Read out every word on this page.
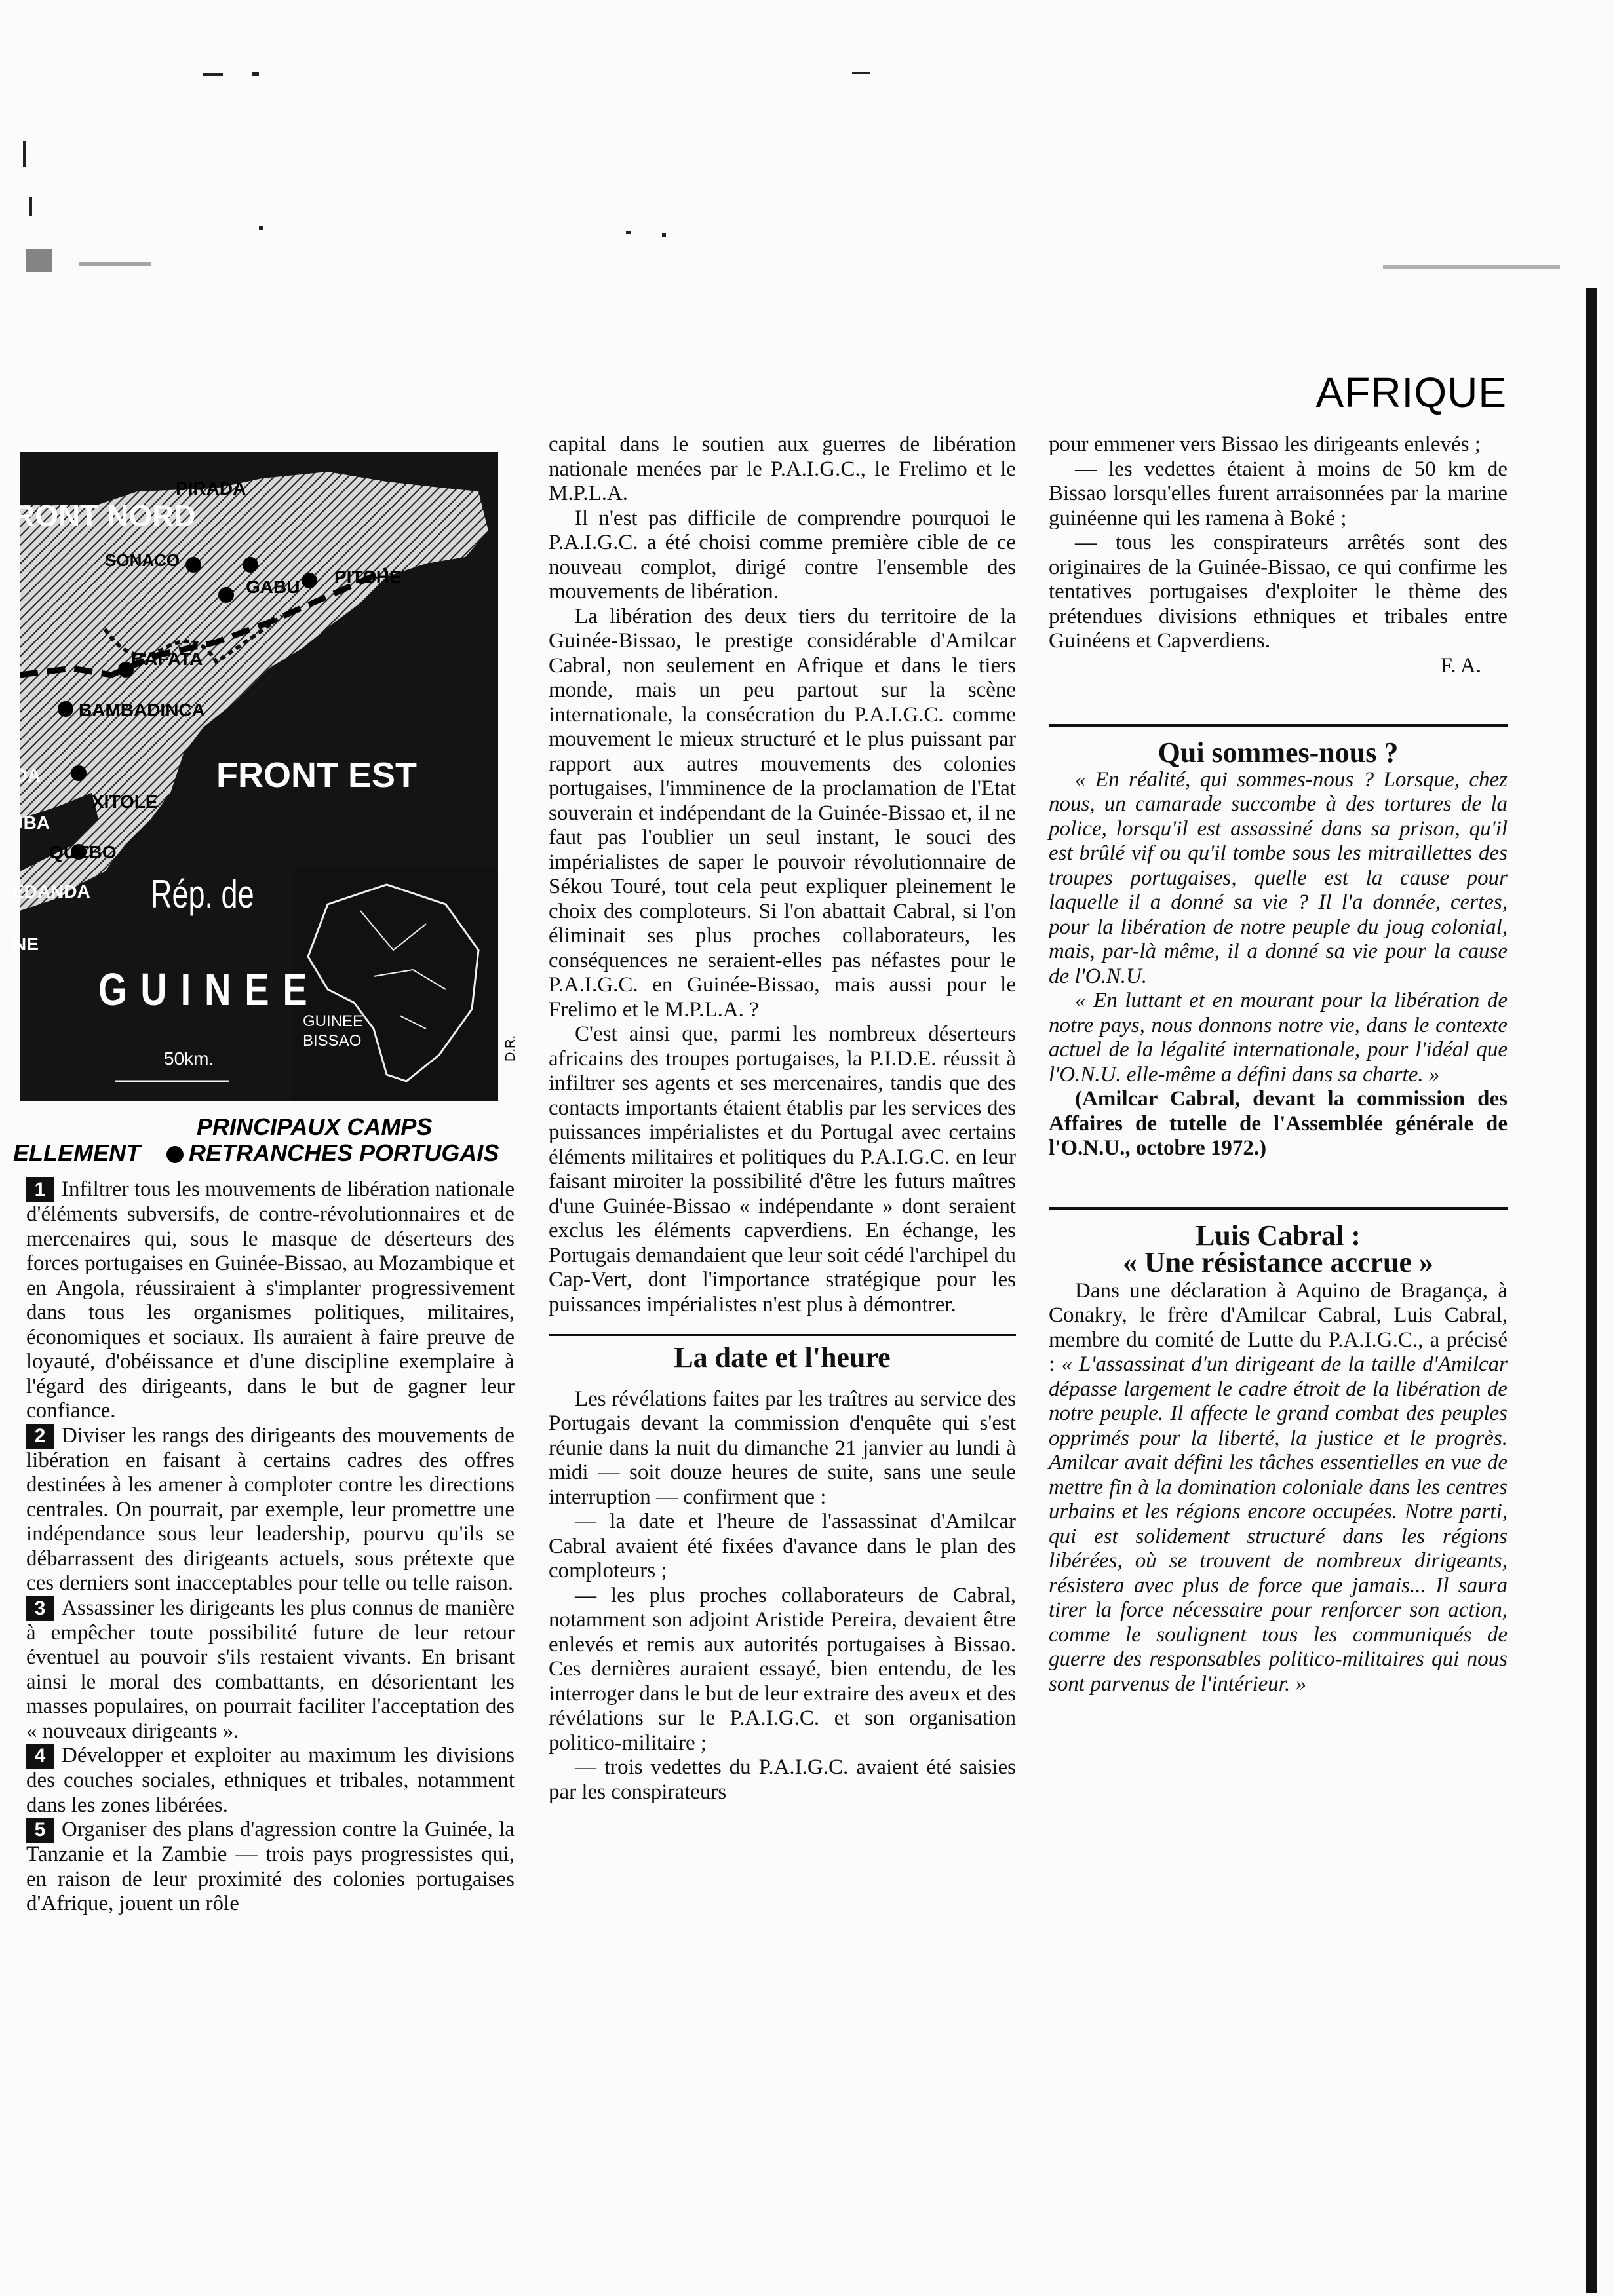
AFRIQUE
RONT NORD
PIRADA
SONACO
PITCHE
GABU
BAFATA
BAMBADINCA
FRONT EST
OA
XITOLE
JBA
QUEBO
EDANDA
NE
Rép. de
GUINEE
50km.
GUINEE
BISSAO	D.R.
PRINCIPAUX CAMPS
ELLEMENT RETRANCHES PORTUGAIS

1 Infiltrer tous les mouvements de libération nationale d'éléments subversifs, de contre-révolutionnaires et de mercenaires qui, sous le masque de déserteurs des forces portugaises en Guinée-Bissao, au Mozambique et en Angola, réussiraient à s'implanter progressivement dans tous les organismes politiques, militaires, économiques et sociaux. Ils auraient à faire preuve de loyauté, d'obéissance et d'une discipline exemplaire à l'égard des dirigeants, dans le but de gagner leur confiance.

2 Diviser les rangs des dirigeants des mouvements de libération en faisant à certains cadres des offres destinées à les amener à comploter contre les directions centrales. On pourrait, par exemple, leur promettre une indépendance sous leur leadership, pourvu qu'ils se débarrassent des dirigeants actuels, sous prétexte que ces derniers sont inacceptables pour telle ou telle raison.

3 Assassiner les dirigeants les plus connus de manière à empêcher toute possibilité future de leur retour éventuel au pouvoir s'ils restaient vivants. En brisant ainsi le moral des combattants, en désorientant les masses populaires, on pourrait faciliter l'acceptation des « nouveaux dirigeants ».

4 Développer et exploiter au maximum les divisions des couches sociales, ethniques et tribales, notamment dans les zones libérées.

5 Organiser des plans d'agression contre la Guinée, la Tanzanie et la Zambie — trois pays progressistes qui, en raison de leur proximité des colonies portugaises d'Afrique, jouent un rôle

capital dans le soutien aux guerres de libération nationale menées par le P.A.I.G.C., le Frelimo et le M.P.L.A.

Il n'est pas difficile de comprendre pourquoi le P.A.I.G.C. a été choisi comme première cible de ce nouveau complot, dirigé contre l'ensemble des mouvements de libération.

La libération des deux tiers du territoire de la Guinée-Bissao, le prestige considérable d'Amilcar Cabral, non seulement en Afrique et dans le tiers monde, mais un peu partout sur la scène internationale, la consécration du P.A.I.G.C. comme mouvement le mieux structuré et le plus puissant par rapport aux autres mouvements des colonies portugaises, l'imminence de la proclamation de l'Etat souverain et indépendant de la Guinée-Bissao et, il ne faut pas l'oublier un seul instant, le souci des impérialistes de saper le pouvoir révolutionnaire de Sékou Touré, tout cela peut expliquer pleinement le choix des comploteurs. Si l'on abattait Cabral, si l'on éliminait ses plus proches collaborateurs, les conséquences ne seraient-elles pas néfastes pour le P.A.I.G.C. en Guinée-Bissao, mais aussi pour le Frelimo et le M.P.L.A. ?

C'est ainsi que, parmi les nombreux déserteurs africains des troupes portugaises, la P.I.D.E. réussit à infiltrer ses agents et ses mercenaires, tandis que des contacts importants étaient établis par les services des puissances impérialistes et du Portugal avec certains éléments militaires et politiques du P.A.I.G.C. en leur faisant miroiter la possibilité d'être les futurs maîtres d'une Guinée-Bissao « indépendante » dont seraient exclus les éléments capverdiens. En échange, les Portugais demandaient que leur soit cédé l'archipel du Cap-Vert, dont l'importance stratégique pour les puissances impérialistes n'est plus à démontrer.

La date et l'heure

Les révélations faites par les traîtres au service des Portugais devant la commission d'enquête qui s'est réunie dans la nuit du dimanche 21 janvier au lundi à midi — soit douze heures de suite, sans une seule interruption — confirment que :

— la date et l'heure de l'assassinat d'Amilcar Cabral avaient été fixées d'avance dans le plan des comploteurs ;

— les plus proches collaborateurs de Cabral, notamment son adjoint Aristide Pereira, devaient être enlevés et remis aux autorités portugaises à Bissao. Ces dernières auraient essayé, bien entendu, de les interroger dans le but de leur extraire des aveux et des révélations sur le P.A.I.G.C. et son organisation politico-militaire ;

— trois vedettes du P.A.I.G.C. avaient été saisies par les conspirateurs

pour emmener vers Bissao les dirigeants enlevés ;

— les vedettes étaient à moins de 50 km de Bissao lorsqu'elles furent arraisonnées par la marine guinéenne qui les ramena à Boké ;

— tous les conspirateurs arrêtés sont des originaires de la Guinée-Bissao, ce qui confirme les tentatives portugaises d'exploiter le thème des prétendues divisions ethniques et tribales entre Guinéens et Capverdiens.

F. A.

Qui sommes-nous ?

« En réalité, qui sommes-nous ? Lorsque, chez nous, un camarade succombe à des tortures de la police, lorsqu'il est assassiné dans sa prison, qu'il est brûlé vif ou qu'il tombe sous les mitraillettes des troupes portugaises, quelle est la cause pour laquelle il a donné sa vie ? Il l'a donnée, certes, pour la libération de notre peuple du joug colonial, mais, par-là même, il a donné sa vie pour la cause de l'O.N.U.

« En luttant et en mourant pour la libération de notre pays, nous donnons notre vie, dans le contexte actuel de la légalité internationale, pour l'idéal que l'O.N.U. elle-même a défini dans sa charte. »

(Amilcar Cabral, devant la commission des Affaires de tutelle de l'Assemblée générale de l'O.N.U., octobre 1972.)

Luis Cabral :
« Une résistance accrue »

Dans une déclaration à Aquino de Bragança, à Conakry, le frère d'Amilcar Cabral, Luis Cabral, membre du comité de Lutte du P.A.I.G.C., a précisé : « L'assassinat d'un dirigeant de la taille d'Amilcar dépasse largement le cadre étroit de la libération de notre peuple. Il affecte le grand combat des peuples opprimés pour la liberté, la justice et le progrès. Amilcar avait défini les tâches essentielles en vue de mettre fin à la domination coloniale dans les centres urbains et les régions encore occupées. Notre parti, qui est solidement structuré dans les régions libérées, où se trouvent de nombreux dirigeants, résistera avec plus de force que jamais... Il saura tirer la force nécessaire pour renforcer son action, comme le soulignent tous les communiqués de guerre des responsables politico-militaires qui nous sont parvenus de l'intérieur. »
